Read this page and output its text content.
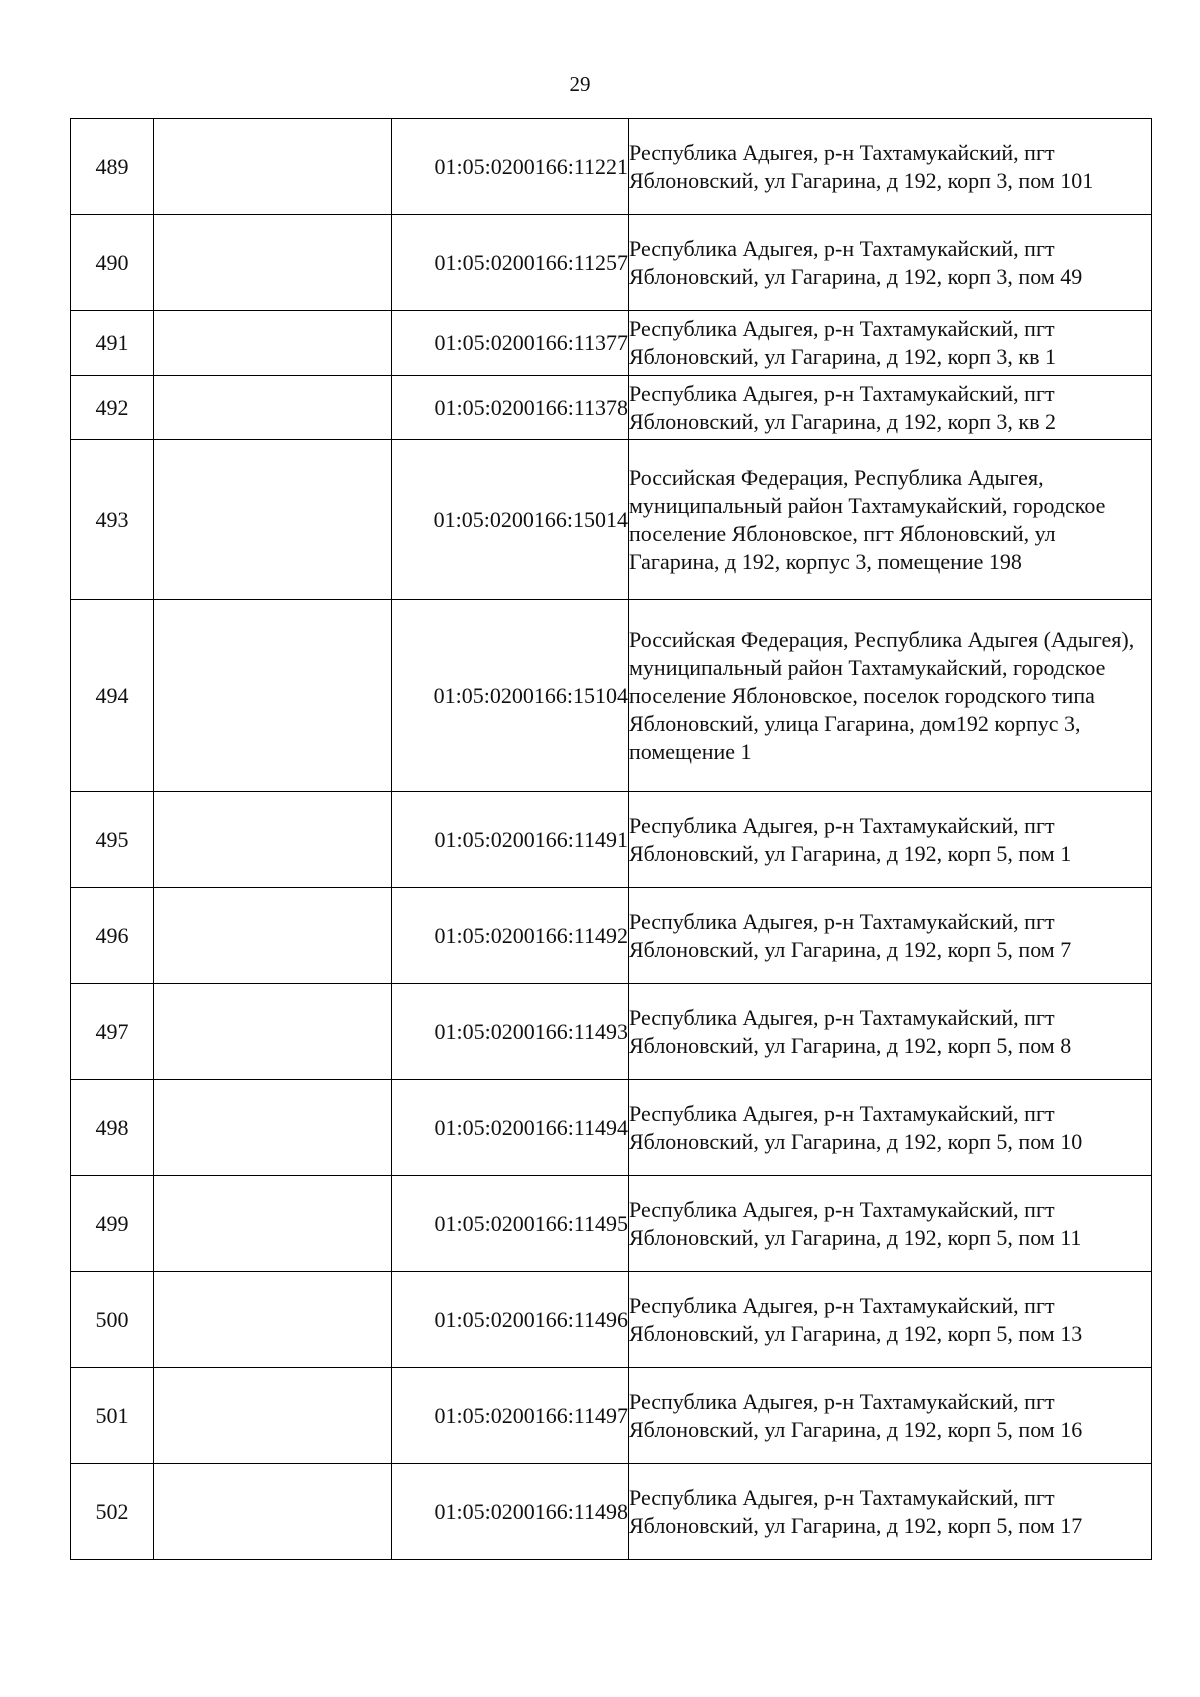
29
489		01:05:0200166:11221	Республика Адыгея, р-н Тахтамукайский, пгт Яблоновский, ул Гагарина, д 192, корп 3, пом 101
490		01:05:0200166:11257	Республика Адыгея, р-н Тахтамукайский, пгт Яблоновский, ул Гагарина, д 192, корп 3, пом 49
491		01:05:0200166:11377	Республика Адыгея, р-н Тахтамукайский, пгт Яблоновский, ул Гагарина, д 192, корп 3, кв 1
492		01:05:0200166:11378	Республика Адыгея, р-н Тахтамукайский, пгт Яблоновский, ул Гагарина, д 192, корп 3, кв 2
493		01:05:0200166:15014	Российская Федерация, Республика Адыгея, муниципальный район Тахтамукайский, городское поселение Яблоновское, пгт Яблоновский, ул Гагарина, д 192, корпус 3, помещение 198
494		01:05:0200166:15104	Российская Федерация, Республика Адыгея (Адыгея), муниципальный район Тахтамукайский, городское поселение Яблоновское, поселок городского типа Яблоновский, улица Гагарина, дом192 корпус 3, помещение 1
495		01:05:0200166:11491	Республика Адыгея, р-н Тахтамукайский, пгт Яблоновский, ул Гагарина, д 192, корп 5, пом 1
496		01:05:0200166:11492	Республика Адыгея, р-н Тахтамукайский, пгт Яблоновский, ул Гагарина, д 192, корп 5, пом 7
497		01:05:0200166:11493	Республика Адыгея, р-н Тахтамукайский, пгт Яблоновский, ул Гагарина, д 192, корп 5, пом 8
498		01:05:0200166:11494	Республика Адыгея, р-н Тахтамукайский, пгт Яблоновский, ул Гагарина, д 192, корп 5, пом 10
499		01:05:0200166:11495	Республика Адыгея, р-н Тахтамукайский, пгт Яблоновский, ул Гагарина, д 192, корп 5, пом 11
500		01:05:0200166:11496	Республика Адыгея, р-н Тахтамукайский, пгт Яблоновский, ул Гагарина, д 192, корп 5, пом 13
501		01:05:0200166:11497	Республика Адыгея, р-н Тахтамукайский, пгт Яблоновский, ул Гагарина, д 192, корп 5, пом 16
502		01:05:0200166:11498	Республика Адыгея, р-н Тахтамукайский, пгт Яблоновский, ул Гагарина, д 192, корп 5, пом 17
